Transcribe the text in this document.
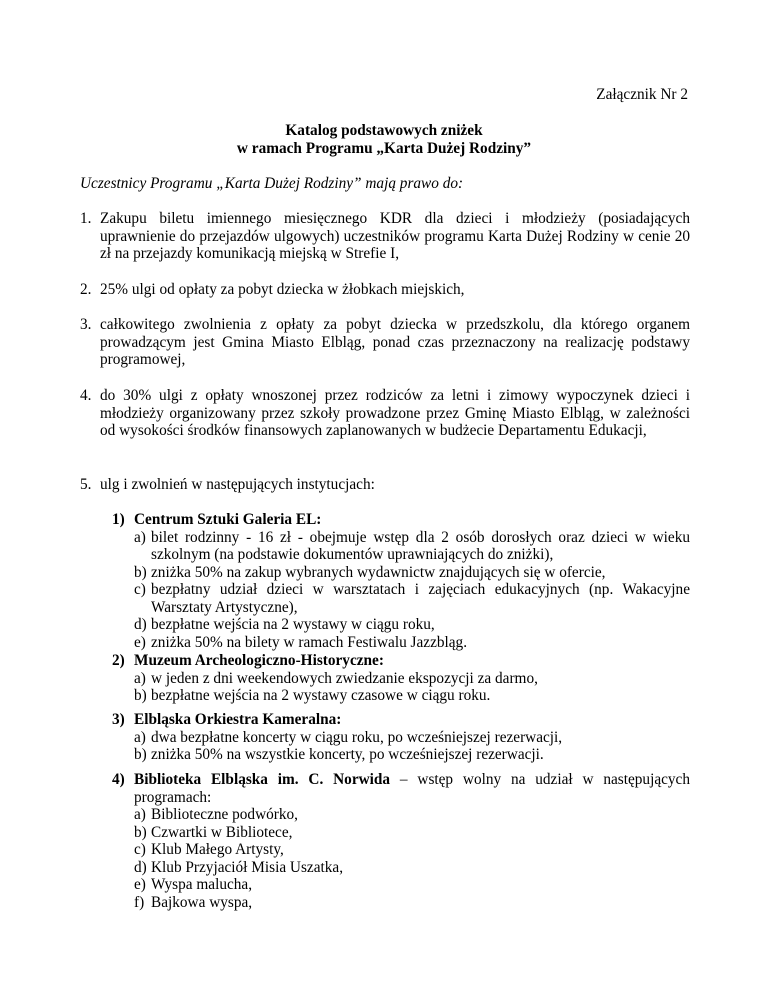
Załącznik Nr 2
Katalog podstawowych zniżek
w ramach Programu „Karta Dużej Rodziny”
Uczestnicy Programu „Karta Dużej Rodziny” mają prawo do:
1. Zakupu biletu imiennego miesięcznego KDR dla dzieci i młodzieży (posiadających uprawnienie do przejazdów ulgowych) uczestników programu Karta Dużej Rodziny w cenie 20 zł na przejazdy komunikacją miejską w Strefie I,
2. 25% ulgi od opłaty za pobyt dziecka w żłobkach miejskich,
3. całkowitego zwolnienia z opłaty za pobyt dziecka w przedszkolu, dla którego organem prowadzącym jest Gmina Miasto Elbląg, ponad czas przeznaczony na realizację podstawy programowej,
4. do 30% ulgi z opłaty wnoszonej przez rodziców za letni i zimowy wypoczynek dzieci i młodzieży organizowany przez szkoły prowadzone przez Gminę Miasto Elbląg, w zależności od wysokości środków finansowych zaplanowanych w budżecie Departamentu Edukacji,
5. ulg i zwolnień w następujących instytucjach:
1) Centrum Sztuki Galeria EL:
a) bilet rodzinny - 16 zł - obejmuje wstęp dla 2 osób dorosłych oraz dzieci w wieku szkolnym (na podstawie dokumentów uprawniających do zniżki),
b) zniżka 50% na zakup wybranych wydawnictw znajdujących się w ofercie,
c) bezpłatny udział dzieci w warsztatach i zajęciach edukacyjnych (np. Wakacyjne Warsztaty Artystyczne),
d) bezpłatne wejścia na 2 wystawy w ciągu roku,
e) zniżka 50% na bilety w ramach Festiwalu Jazzbląg.
2) Muzeum Archeologiczno-Historyczne:
a) w jeden z dni weekendowych zwiedzanie ekspozycji za darmo,
b) bezpłatne wejścia na 2 wystawy czasowe w ciągu roku.
3) Elbląska Orkiestra Kameralna:
a) dwa bezpłatne koncerty w ciągu roku, po wcześniejszej rezerwacji,
b) zniżka 50% na wszystkie koncerty, po wcześniejszej rezerwacji.
4) Biblioteka Elbląska im. C. Norwida – wstęp wolny na udział w następujących programach:
a) Biblioteczne podwórko,
b) Czwartki w Bibliotece,
c) Klub Małego Artysty,
d) Klub Przyjaciół Misia Uszatka,
e) Wyspa malucha,
f) Bajkowa wyspa,
